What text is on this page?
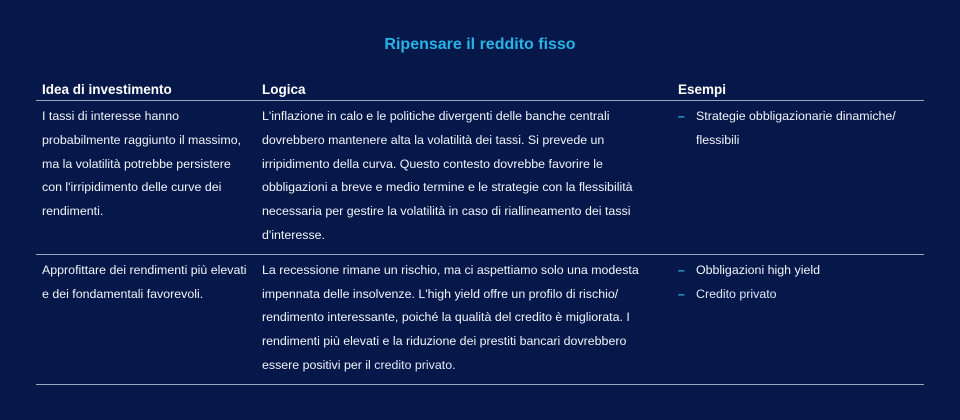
Ripensare il reddito fisso
Idea di investimento	Logica	Esempi
I tassi di interesse hanno probabilmente raggiunto il massimo, ma la volatilità potrebbe persistere con l'irripidimento delle curve dei rendimenti.
L'inflazione in calo e le politiche divergenti delle banche centrali dovrebbero mantenere alta la volatilità dei tassi. Si prevede un irripidimento della curva. Questo contesto dovrebbe favorire le obbligazioni a breve e medio termine e le strategie con la flessibilità necessaria per gestire la volatilità in caso di riallineamento dei tassi d'interesse.
– Strategie obbligazionarie dinamiche/ flessibili
Approfittare dei rendimenti più elevati e dei fondamentali favorevoli.
La recessione rimane un rischio, ma ci aspettiamo solo una modesta impennata delle insolvenze. L'high yield offre un profilo di rischio/ rendimento interessante, poiché la qualità del credito è migliorata. I rendimenti più elevati e la riduzione dei prestiti bancari dovrebbero essere positivi per il credito privato.
– Obbligazioni high yield
– Credito privato
